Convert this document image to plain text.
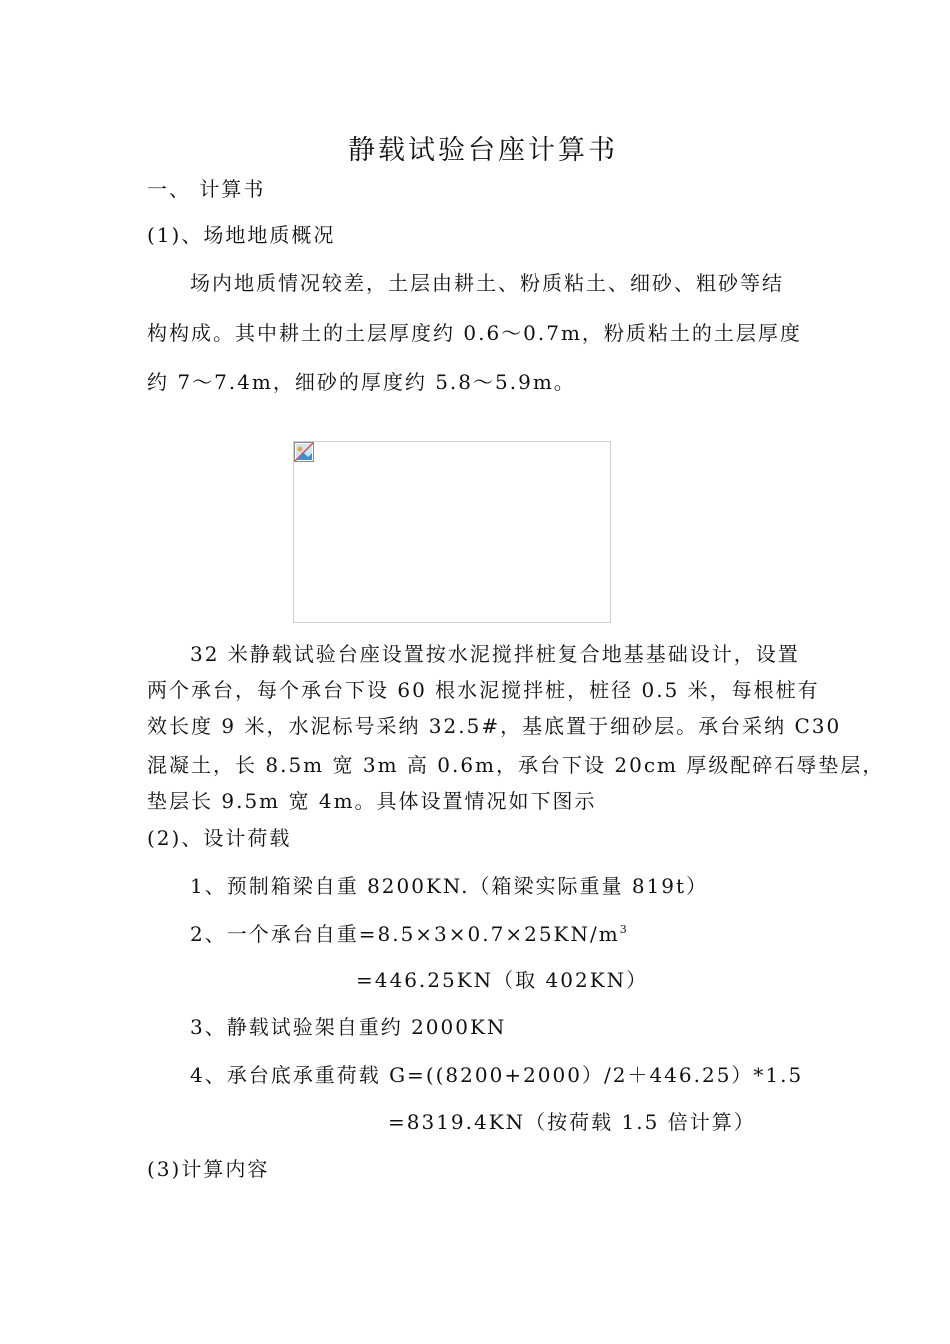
静载试验台座计算书
一、 计算书
(1)、场地地质概况
场内地质情况较差，土层由耕土、粉质粘土、细砂、粗砂等结
构构成。其中耕土的土层厚度约 0.6～0.7m，粉质粘土的土层厚度
约 7～7.4m，细砂的厚度约 5.8～5.9m。
32 米静载试验台座设置按水泥搅拌桩复合地基基础设计，设置
两个承台，每个承台下设 60 根水泥搅拌桩，桩径 0.5 米，每根桩有
效长度 9 米，水泥标号采纳 32.5#，基底置于细砂层。承台采纳 C30
混凝土，长 8.5m 宽 3m 高 0.6m，承台下设 20cm 厚级配碎石辱垫层，
垫层长 9.5m 宽 4m。具体设置情况如下图示
(2)、设计荷载
1、预制箱梁自重 8200KN.（箱梁实际重量 819t）
2、一个承台自重$=8.5\times 3\times 0.7\times 25KN/m^3$
=446.25KN（取 402KN）
3、静载试验架自重约 2000KN
4、承台底承重荷载 G=((8200+2000）/2＋446.25）*1.5
=8319.4KN（按荷载 1.5 倍计算）
(3)计算内容
